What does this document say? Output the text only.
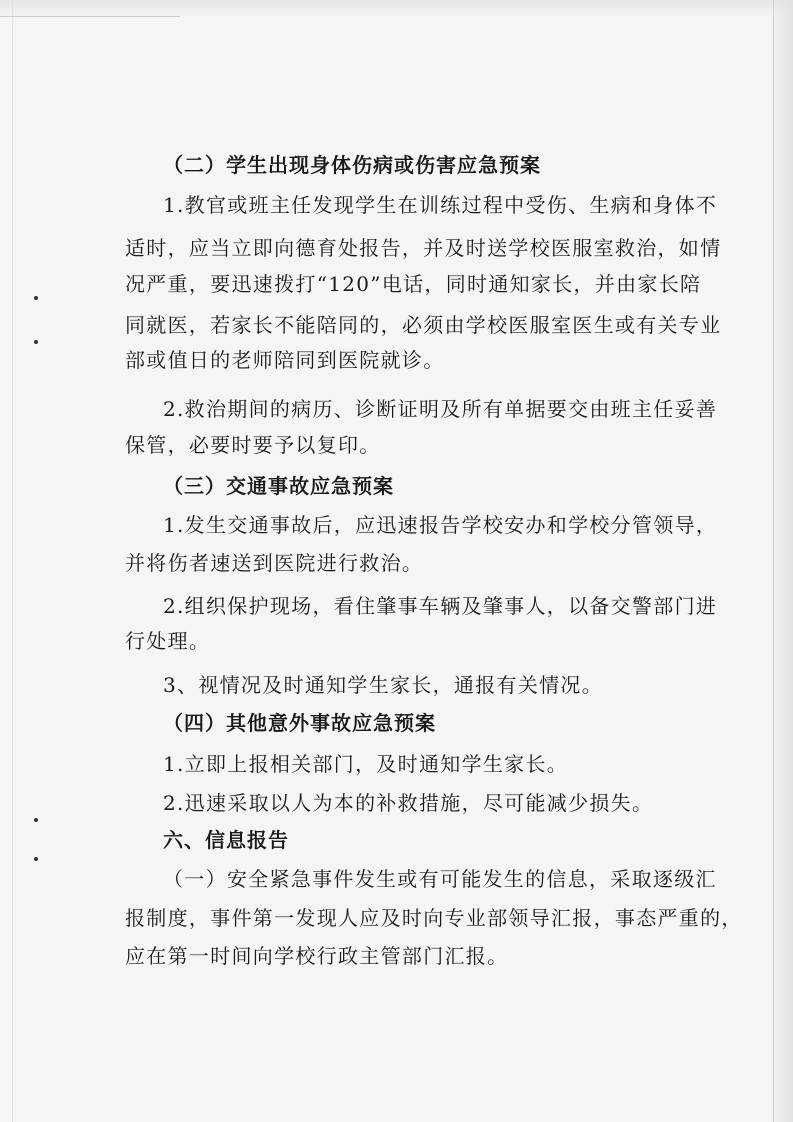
（二）学生出现身体伤病或伤害应急预案
1.教官或班主任发现学生在训练过程中受伤、生病和身体不
适时，应当立即向德育处报告，并及时送学校医服室救治，如情
况严重，要迅速拨打“120”电话，同时通知家长，并由家长陪
同就医，若家长不能陪同的，必须由学校医服室医生或有关专业
部或值日的老师陪同到医院就诊。
2.救治期间的病历、诊断证明及所有单据要交由班主任妥善
保管，必要时要予以复印。
（三）交通事故应急预案
1.发生交通事故后，应迅速报告学校安办和学校分管领导，
并将伤者速送到医院进行救治。
2.组织保护现场，看住肇事车辆及肇事人，以备交警部门进
行处理。
3、视情况及时通知学生家长，通报有关情况。
（四）其他意外事故应急预案
1.立即上报相关部门，及时通知学生家长。
2.迅速采取以人为本的补救措施，尽可能减少损失。
六、信息报告
（一）安全紧急事件发生或有可能发生的信息，采取逐级汇
报制度，事件第一发现人应及时向专业部领导汇报，事态严重的，
应在第一时间向学校行政主管部门汇报。
